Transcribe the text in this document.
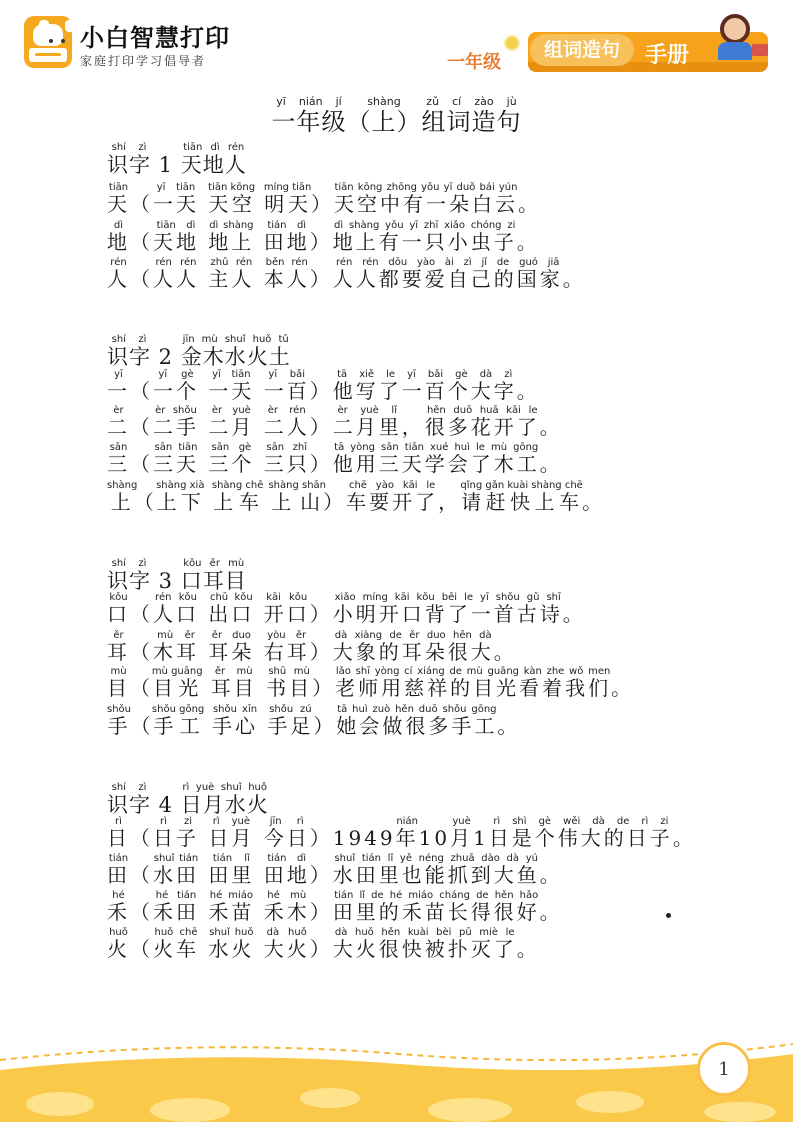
小白智慧打印
家庭打印学习倡导者	一年级
组词造句	手册
一年级yī nián jí（上shàng）组词造句zǔ cí zào jù
识字shí zì 1 天地人tiān dì rén
天tiān（一天yī tiān 天空tiān kōng 明天míng tiān）天空中有一朵白云tiān kōng zhōng yǒu yī duǒ bái yún。
地dì（天地tiān dì 地上dì shàng 田地tián dì）地上有一只小虫子dì shàng yǒu yī zhī xiǎo chóng zi。
人rén（人人rén rén 主人zhǔ rén 本人běn rén）人人都要爱自己的国家rén rén dōu yào ài zì jǐ de guó jiā。
识字shí zì 2 金木水火土jīn mù shuǐ huǒ tǔ
一yī（一个yī gè 一天yī tiān 一百yī bǎi）他写了一百个大字tā xiě le yī bǎi gè dà zì。
二èr（二手èr shǒu 二月èr yuè 二人èr rén）二月里èr yuè lǐ，很多花开了hěn duō huā kāi le。
三sān（三天sān tiān 三个sān gè 三只sān zhī）他用三天学会了木工tā yòng sān tiān xué huì le mù gōng。
上shàng（上下shàng xià 上车shàng chē 上山shàng shān）车要开了chē yào kāi le，请赶快上车qǐng gǎn kuài shàng chē。
识字shí zì 3 口耳目kǒu ěr mù
口kǒu（人口rén kǒu 出口chū kǒu 开口kāi kǒu）小明开口背了一首古诗xiǎo míng kāi kǒu bēi le yī shǒu gǔ shī。
耳ěr（木耳mù ěr 耳朵ěr duo 右耳yòu ěr）大象的耳朵很大dà xiàng de ěr duo hěn dà。
目mù（目光mù guāng 耳目ěr mù 书目shū mù）老师用慈祥的目光看着我们lǎo shī yòng cí xiáng de mù guāng kàn zhe wǒ men。
手shǒu（手工shǒu gōng 手心shǒu xīn 手足shǒu zú）她会做很多手工tā huì zuò hěn duō shǒu gōng。
识字shí zì 4 日月水火rì yuè shuǐ huǒ
日rì（日子rì zi 日月rì yuè 今日jīn rì）1949年nián10月yuè1日是个伟大的日子rì shì gè wěi dà de rì zi。
田tián（水田shuǐ tián 田里tián lǐ 田地tián dì）水田里也能抓到大鱼shuǐ tián lǐ yě néng zhuā dào dà yú。
禾hé（禾田hé tián 禾苗hé miáo 禾木hé mù）田里的禾苗长得很好tián lǐ de hé miáo cháng de hěn hǎo。
火huǒ（火车huǒ chē 水火shuǐ huǒ 大火dà huǒ）大火很快被扑灭了dà huǒ hěn kuài bèi pū miè le。
1
